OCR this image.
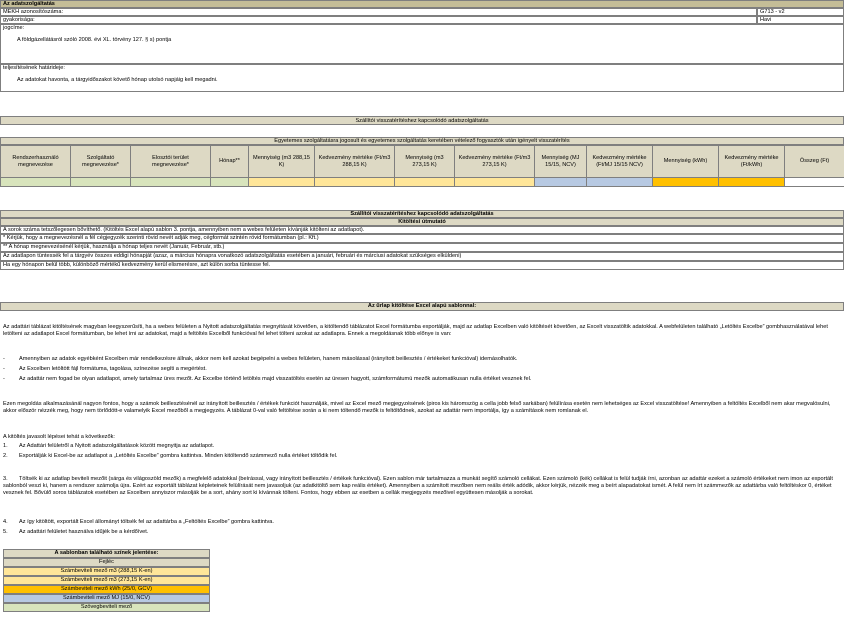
Az adatszolgáltatás
MEKH azonosítószáma:	G713 - v2
gyakorisága:	Havi
jogcíme:
A földgázellátásról szóló 2008. évi XL. törvény 127. § s) pontja
teljesítésének határideje:
Az adatokat havonta, a tárgyidőszakot követő hónap utolsó napjáig kell megadni.
Szállítói visszatérítéshez kapcsolódó adatszolgáltatás
Egyetemes szolgáltatásra jogosult és egyetemes szolgáltatás keretében vételező fogyasztók után igényelt visszatérítés
Rendszerhasználó megnevezése	Szolgáltató megnevezése*	Elosztói terület megnevezése*	Hónap**	Mennyiség (m3 288,15 K)	Kedvezmény mértéke (Ft/m3 288,15 K)	Mennyiség (m3 273,15 K)	Kedvezmény mértéke (Ft/m3 273,15 K)	Mennyiség (MJ 15/15, NCV)	Kedvezmény mértéke (Ft/MJ 15/15 NCV)	Mennyiség (kWh)	Kedvezmény mértéke (Ft/kWh)	Összeg (Ft)

Szállítói visszatérítéshez kapcsolódó adatszolgáltatás
Kitöltési útmutató
A sorok száma tetszőlegesen bővíthető. (Kitöltés Excel alapú sablon 3. pontja, amennyiben nem a webes felületen kívánják kitölteni az adatlapot).
* Kérjük, hogy a megnevezésnél a fél cégjegyzék szerinti rövid nevét adják meg, cégformát szintén rövid formátumban (pl.: Kft.)
** A hónap megnevezésénél kérjük, használja a hónap teljes nevét (Január, Február, stb.)
Az adatlapon tüntessék fel a tárgyév összes eddigi hónapját (azaz, a március hónapra vonatkozó adatszolgáltatás esetében a januári, februári és márciusi adatokat szükséges elküldeni)
Ha egy hónapon belül több, különböző mértékű kedvezmény kerül elismerésre, azt külön sorba tüntesse fel.
Az űrlap kitöltése Excel alapú sablonnal:
Az adattári táblázat kitöltésének magyban leegyszerűsíti, ha a webes felületen a Nyitott adatszolgáltatás megnyitását követően, a kitöltendő táblázatot Excel formátumba exportálják, majd az adatlap Excelben való kitöltését követően, az Excelt visszatöltik adatokkal. A webfelületen található „Letöltés Excelbe” gombhasználatával lehet letölteni az adatlapot Excel formátumban, be lehet írni az adatokat, majd a feltöltés Excelből funkcióval fel lehet tölteni azokat az adatlapra. Ennek a megoldásnak több előnye is van:
-	Amennyiben az adatok egyébként Excelben már rendelkezésre állnak, akkor nem kell azokat begépelni a webes felületen, hanem másolással (irányított beillesztés / értékeket funkcióval) idemásolhatók.
-	Az Excelben letöltött fájl formátuma, tagolása, színezése segíti a megértést.
-	Az adattár nem fogad be olyan adatlapot, amely tartalmaz üres mezőt. Az Excelbe történő letöltés majd visszatöltés esetén az üresen hagyott, számformátumú mezők automatikusan nulla értéket vesznek fel.
Ezen megoldás alkalmazásánál nagyon fontos, hogy a számok beillesztésénél az irányított beillesztés / értékek funkciót használják, mivel az Excel mező megjegyzésének (piros kis háromszög a cella jobb felső sarkában) felülírása esetén nem lehetséges az Excel visszatöltése! Amennyiben a feltöltés Excelből nem akar megvalósulni, akkor először nézzék meg, hogy nem törlődött-e valamelyik Excel mezőből a megjegyzés. A táblázat 0-val való feltöltése során a ki nem töltendő mezők is feltöltődnek, azokat az adattár nem importálja, így a számítások nem romlanak el.
A kitöltés javasolt lépései tehát a következők:
1. Az Adattári felületről a Nyitott adatszolgáltatások között megnyitja az adatlapot.
2. Exportálják ki Excel-be az adatlapot a „Letöltés Excelbe” gombra kattintva. Minden kitöltendő számmező nulla értéket töltődik fel.
3. Töltsék ki az adatlap beviteli mezőit (sárga és világoszöld mezők) a megfelelő adatokkal (beírással, vagy irányított beillesztés / értékek funkcióval). Ezen sablon már tartalmazza a munkát segítő számoló cellákat. Ezen számoló (kék) cellákat is felül tudják írni, azonban az adattár ezeket a számoló értékeket nem imon az exportált sablonból veszi ki, hanem a rendszer számolja újra. Ezért az exportált táblázat képleteinek felülírását nem javasoljuk (az adatkitöltő sem kap reális értéket). Amennyiben a számított mezőben nem reális érték adódik, akkor kérjük, nézzék meg a beírt alapadatokat ismét. A felül nem írt számmezők az adattárba való feltöltéskor 0, értéket vesznek fel. Bővülő soros táblázatok esetében az Excelben annyiszor másolják be a sort, ahány sort ki kívánnak tölteni. Fontos, hogy ebben az esetben a cellák megjegyzés mezőivel együttesen másolják a sorokat.
4. Az így kitöltött, exportált Excel állományt töltsék fel az adattárba a „Feltöltés Excelbe” gombra kattintva.
5. Az adattári felületet használva idűjék be a kérdőívet.
A sablonban található színek jelentése:
Fejléc
Számbeviteli mező m3 (288,15 K-en)
Számbeviteli mező m3 (273,15 K-en)
Számbeviteli mező kWh (25/0, GCV)
Számbeviteli mező MJ (15/0, NCV)
Szövegbeviteli mező
